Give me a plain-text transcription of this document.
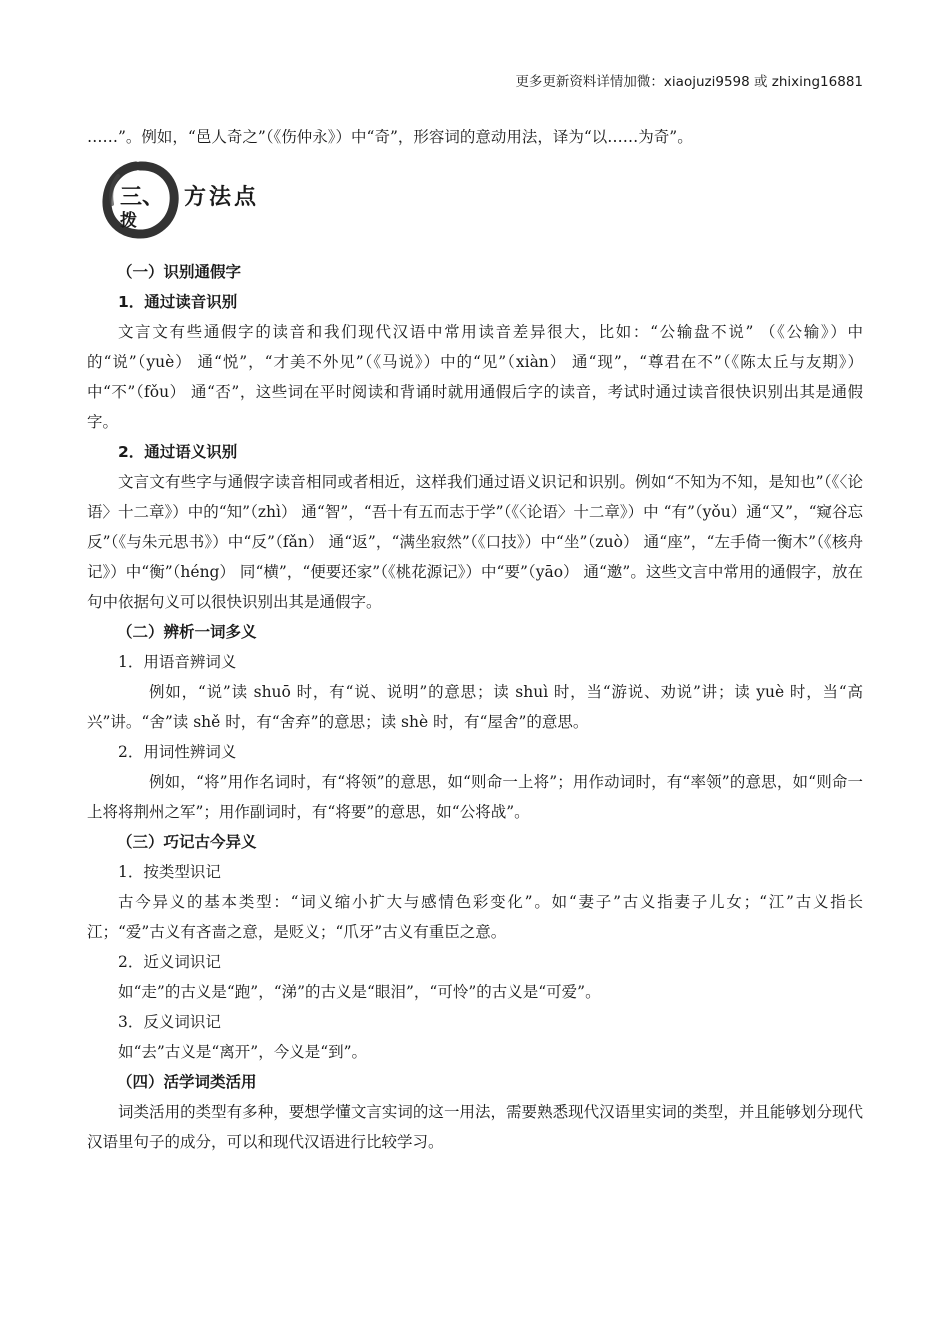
更多更新资料详情加微：xiaojuzi9598 或 zhixing16881

……”。例如，“邑人奇之”（《伤仲永》）中“奇”，形容词的意动用法，译为“以……为奇”。

三、
拨
方法点

（一）识别通假字

1．通过读音识别

文言文有些通假字的读音和我们现代汉语中常用读音差异很大，比如：“公输盘不说” （《公输》）中的“说”（yuè） 通“悦”，“才美不外见”（《马说》）中的“见”（xiàn） 通“现”，“尊君在不”（《陈太丘与友期》）中“不”（fǒu） 通“否”，这些词在平时阅读和背诵时就用通假后字的读音，考试时通过读音很快识别出其是通假字。

2．通过语义识别

文言文有些字与通假字读音相同或者相近，这样我们通过语义识记和识别。例如“不知为不知，是知也”（《〈论语〉十二章》）中的“知”（zhì） 通“智”，“吾十有五而志于学”（《〈论语〉十二章》）中 “有”（yǒu）通“又”，“窥谷忘反”（《与朱元思书》）中“反”（fǎn） 通“返”，“满坐寂然”（《口技》）中“坐”（zuò） 通“座”，“左手倚一衡木”（《核舟记》）中“衡”（héng） 同“横”，“便要还家”（《桃花源记》）中“要”（yāo） 通“邀”。这些文言中常用的通假字，放在句中依据句义可以很快识别出其是通假字。

（二）辨析一词多义

1．用语音辨词义

例如，“说”读 shuō 时，有“说、说明”的意思；读 shuì 时，当“游说、劝说”讲；读 yuè 时，当“高兴”讲。“舍”读 shě 时，有“舍弃”的意思；读 shè 时，有“屋舍”的意思。

2．用词性辨词义

例如，“将”用作名词时，有“将领”的意思，如“则命一上将”；用作动词时，有“率领”的意思，如“则命一上将将荆州之军”；用作副词时，有“将要”的意思，如“公将战”。

（三）巧记古今异义

1．按类型识记

古今异义的基本类型：“词义缩小扩大与感情色彩变化”。如“妻子”古义指妻子儿女；“江”古义指长江；“爱”古义有吝啬之意，是贬义；“爪牙”古义有重臣之意。

2．近义词识记

如“走”的古义是“跑”，“涕”的古义是“眼泪”，“可怜”的古义是“可爱”。

3．反义词识记

如“去”古义是“离开”，今义是“到”。

（四）活学词类活用

词类活用的类型有多种，要想学懂文言实词的这一用法，需要熟悉现代汉语里实词的类型，并且能够划分现代汉语里句子的成分，可以和现代汉语进行比较学习。
